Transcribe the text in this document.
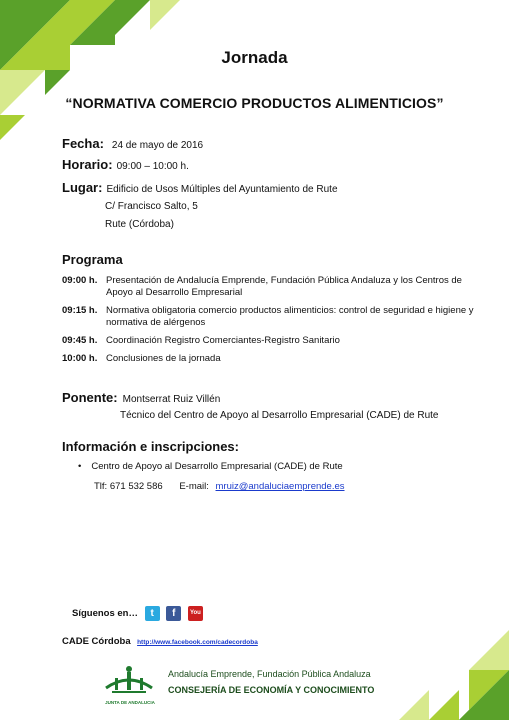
Jornada
“NORMATIVA COMERCIO PRODUCTOS ALIMENTICIOS”
Fecha: 24 de mayo de 2016
Horario: 09:00 – 10:00 h.
Lugar: Edificio de Usos Múltiples del Ayuntamiento de Rute
C/ Francisco Salto, 5
Rute (Córdoba)
Programa
09:00 h. Presentación de Andalucía Emprende, Fundación Pública Andaluza y los Centros de Apoyo al Desarrollo Empresarial
09:15 h. Normativa obligatoria comercio productos alimenticios: control de seguridad e higiene y normativa de alérgenos
09:45 h. Coordinación Registro Comerciantes-Registro Sanitario
10:00 h. Conclusiones de la jornada
Ponente: Montserrat Ruiz Villén
Técnico del Centro de Apoyo al Desarrollo Empresarial (CADE) de Rute
Información e inscripciones:
• Centro de Apoyo al Desarrollo Empresarial (CADE) de Rute
Tlf: 671 532 586 E-mail: mruiz@andaluciaemprende.es
Síguenos en… t f You
CADE Córdoba http://www.facebook.com/cadecordoba
JUNTA DE ANDALUCIA
Andalucía Emprende, Fundación Pública Andaluza
CONSEJERÍA DE ECONOMÍA Y CONOCIMIENTO
